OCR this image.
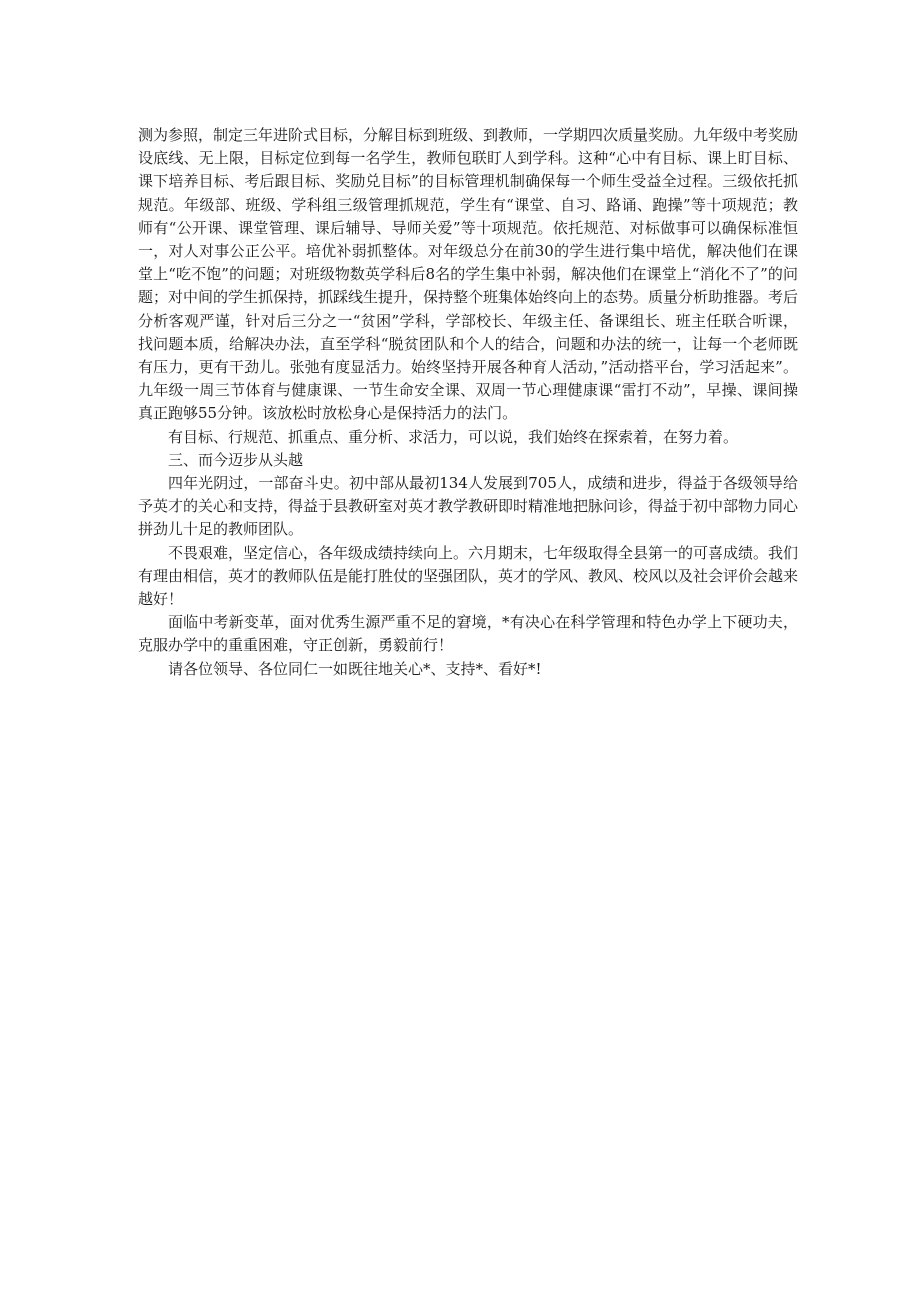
测为参照，制定三年进阶式目标，分解目标到班级、到教师，一学期四次质量奖励。九年级中考奖励设底线、无上限，目标定位到每一名学生，教师包联盯人到学科。这种“心中有目标、课上盯目标、课下培养目标、考后跟目标、奖励兑目标”的目标管理机制确保每一个师生受益全过程。三级依托抓规范。年级部、班级、学科组三级管理抓规范，学生有“课堂、自习、路诵、跑操”等十项规范；教师有“公开课、课堂管理、课后辅导、导师关爱”等十项规范。依托规范、对标做事可以确保标准恒一，对人对事公正公平。培优补弱抓整体。对年级总分在前30的学生进行集中培优，解决他们在课堂上“吃不饱”的问题；对班级物数英学科后8名的学生集中补弱，解决他们在课堂上“消化不了”的问题；对中间的学生抓保持，抓踩线生提升，保持整个班集体始终向上的态势。质量分析助推器。考后分析客观严谨，针对后三分之一“贫困”学科，学部校长、年级主任、备课组长、班主任联合听课，找问题本质，给解决办法，直至学科“脱贫团队和个人的结合，问题和办法的统一，让每一个老师既有压力，更有干劲儿。张弛有度显活力。始终坚持开展各种育人活动，”活动搭平台，学习活起来”。九年级一周三节体育与健康课、一节生命安全课、双周一节心理健康课“雷打不动”，早操、课间操真正跑够55分钟。该放松时放松身心是保持活力的法门。

有目标、行规范、抓重点、重分析、求活力，可以说，我们始终在探索着，在努力着。

三、而今迈步从头越

四年光阴过，一部奋斗史。初中部从最初134人发展到705人，成绩和进步，得益于各级领导给予英才的关心和支持，得益于县教研室对英才教学教研即时精准地把脉问诊，得益于初中部物力同心拼劲儿十足的教师团队。

不畏艰难，坚定信心，各年级成绩持续向上。六月期末，七年级取得全县第一的可喜成绩。我们有理由相信，英才的教师队伍是能打胜仗的坚强团队，英才的学风、教风、校风以及社会评价会越来越好！

面临中考新变革，面对优秀生源严重不足的窘境，*有决心在科学管理和特色办学上下硬功夫，克服办学中的重重困难，守正创新，勇毅前行！

请各位领导、各位同仁一如既往地关心*、支持*、看好*!
